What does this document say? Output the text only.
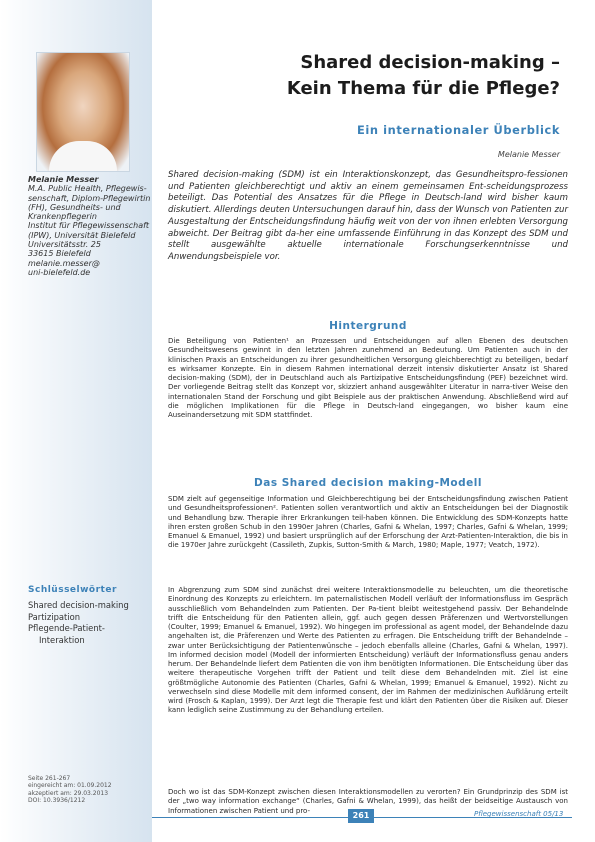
Melanie Messer
M.A. Public Health, Pflegewis-
senschaft, Diplom-Pflegewirtin
(FH), Gesundheits- und
Krankenpflegerin
Institut für Pflegewissenschaft
(IPW), Universität Bielefeld
Universitätsstr. 25
33615 Bielefeld
melanie.messer@
uni-bielefeld.de
Schlüsselwörter
Shared decision-making
Partizipation
Pflegende-Patient-
Interaktion
Seite 261-267
eingereicht am: 01.09.2012
akzeptiert am: 29.03.2013
DOI: 10.3936/1212
Shared decision-making –
Kein Thema für die Pflege?
Ein internationaler Überblick
Melanie Messer
Shared decision-making (SDM) ist ein Interaktionskonzept, das Gesundheitspro-fessionen und Patienten gleichberechtigt und aktiv an einem gemeinsamen Ent-scheidungsprozess beteiligt. Das Potential des Ansatzes für die Pflege in Deutsch-land wird bisher kaum diskutiert. Allerdings deuten Untersuchungen darauf hin, dass der Wunsch von Patienten zur Ausgestaltung der Entscheidungsfindung häufig weit von der von ihnen erlebten Versorgung abweicht. Der Beitrag gibt da-her eine umfassende Einführung in das Konzept des SDM und stellt ausgewählte aktuelle internationale Forschungserkenntnisse und Anwendungsbeispiele vor.
Hintergrund
Die Beteiligung von Patienten¹ an Prozessen und Entscheidungen auf allen Ebenen des deutschen Gesundheitswesens gewinnt in den letzten Jahren zunehmend an Bedeutung. Um Patienten auch in der klinischen Praxis an Entscheidungen zu ihrer gesundheitlichen Versorgung gleichberechtigt zu beteiligen, bedarf es wirksamer Konzepte. Ein in diesem Rahmen international derzeit intensiv diskutierter Ansatz ist Shared decision-making (SDM), der in Deutschland auch als Partizipative Entscheidungsfindung (PEF) bezeichnet wird. Der vorliegende Beitrag stellt das Konzept vor, skizziert anhand ausgewählter Literatur in narra-tiver Weise den internationalen Stand der Forschung und gibt Beispiele aus der praktischen Anwendung. Abschließend wird auf die möglichen Implikationen für die Pflege in Deutsch-land eingegangen, wo bisher kaum eine Auseinandersetzung mit SDM stattfindet.
Das Shared decision making-Modell
SDM zielt auf gegenseitige Information und Gleichberechtigung bei der Entscheidungsfindung zwischen Patient und Gesundheitsprofessionen². Patienten sollen verantwortlich und aktiv an Entscheidungen bei der Diagnostik und Behandlung bzw. Therapie ihrer Erkrankungen teil-haben können. Die Entwicklung des SDM-Konzepts hatte ihren ersten großen Schub in den 1990er Jahren (Charles, Gafni & Whelan, 1997; Charles, Gafni & Whelan, 1999; Emanuel & Emanuel, 1992) und basiert ursprünglich auf der Erforschung der Arzt-Patienten-Interaktion, die bis in die 1970er Jahre zurückgeht (Cassileth, Zupkis, Sutton-Smith & March, 1980; Maple, 1977; Veatch, 1972).
In Abgrenzung zum SDM sind zunächst drei weitere Interaktionsmodelle zu beleuchten, um die theoretische Einordnung des Konzepts zu erleichtern. Im paternalistischen Modell verläuft der Informationsfluss im Gespräch ausschließlich vom Behandelnden zum Patienten. Der Pa-tient bleibt weitestgehend passiv. Der Behandelnde trifft die Entscheidung für den Patienten allein, ggf. auch gegen dessen Präferenzen und Wertvorstellungen (Coulter, 1999; Emanuel & Emanuel, 1992). Wo hingegen im professional as agent model, der Behandelnde dazu angehalten ist, die Präferenzen und Werte des Patienten zu erfragen. Die Entscheidung trifft der Behandelnde – zwar unter Berücksichtigung der Patientenwünsche – jedoch ebenfalls alleine (Charles, Gafni & Whelan, 1997). Im informed decision model (Modell der informierten Entscheidung) verläuft der Informationsfluss genau anders herum. Der Behandelnde liefert dem Patienten die von ihm benötigten Informationen. Die Entscheidung über das weitere therapeutische Vorgehen trifft der Patient und teilt diese dem Behandelnden mit. Ziel ist eine größtmögliche Autonomie des Patienten (Charles, Gafni & Whelan, 1999; Emanuel & Emanuel, 1992). Nicht zu verwechseln sind diese Modelle mit dem informed consent, der im Rahmen der medizinischen Aufklärung erteilt wird (Frosch & Kaplan, 1999). Der Arzt legt die Therapie fest und klärt den Patienten über die Risiken auf. Dieser kann lediglich seine Zustimmung zu der Behandlung erteilen.
Doch wo ist das SDM-Konzept zwischen diesen Interaktionsmodellen zu verorten? Ein Grundprinzip des SDM ist der „two way information exchange“ (Charles, Gafni & Whelan, 1999), das heißt der beidseitige Austausch von Informationen zwischen Patient und pro-
261	Pflegewissenschaft 05/13
